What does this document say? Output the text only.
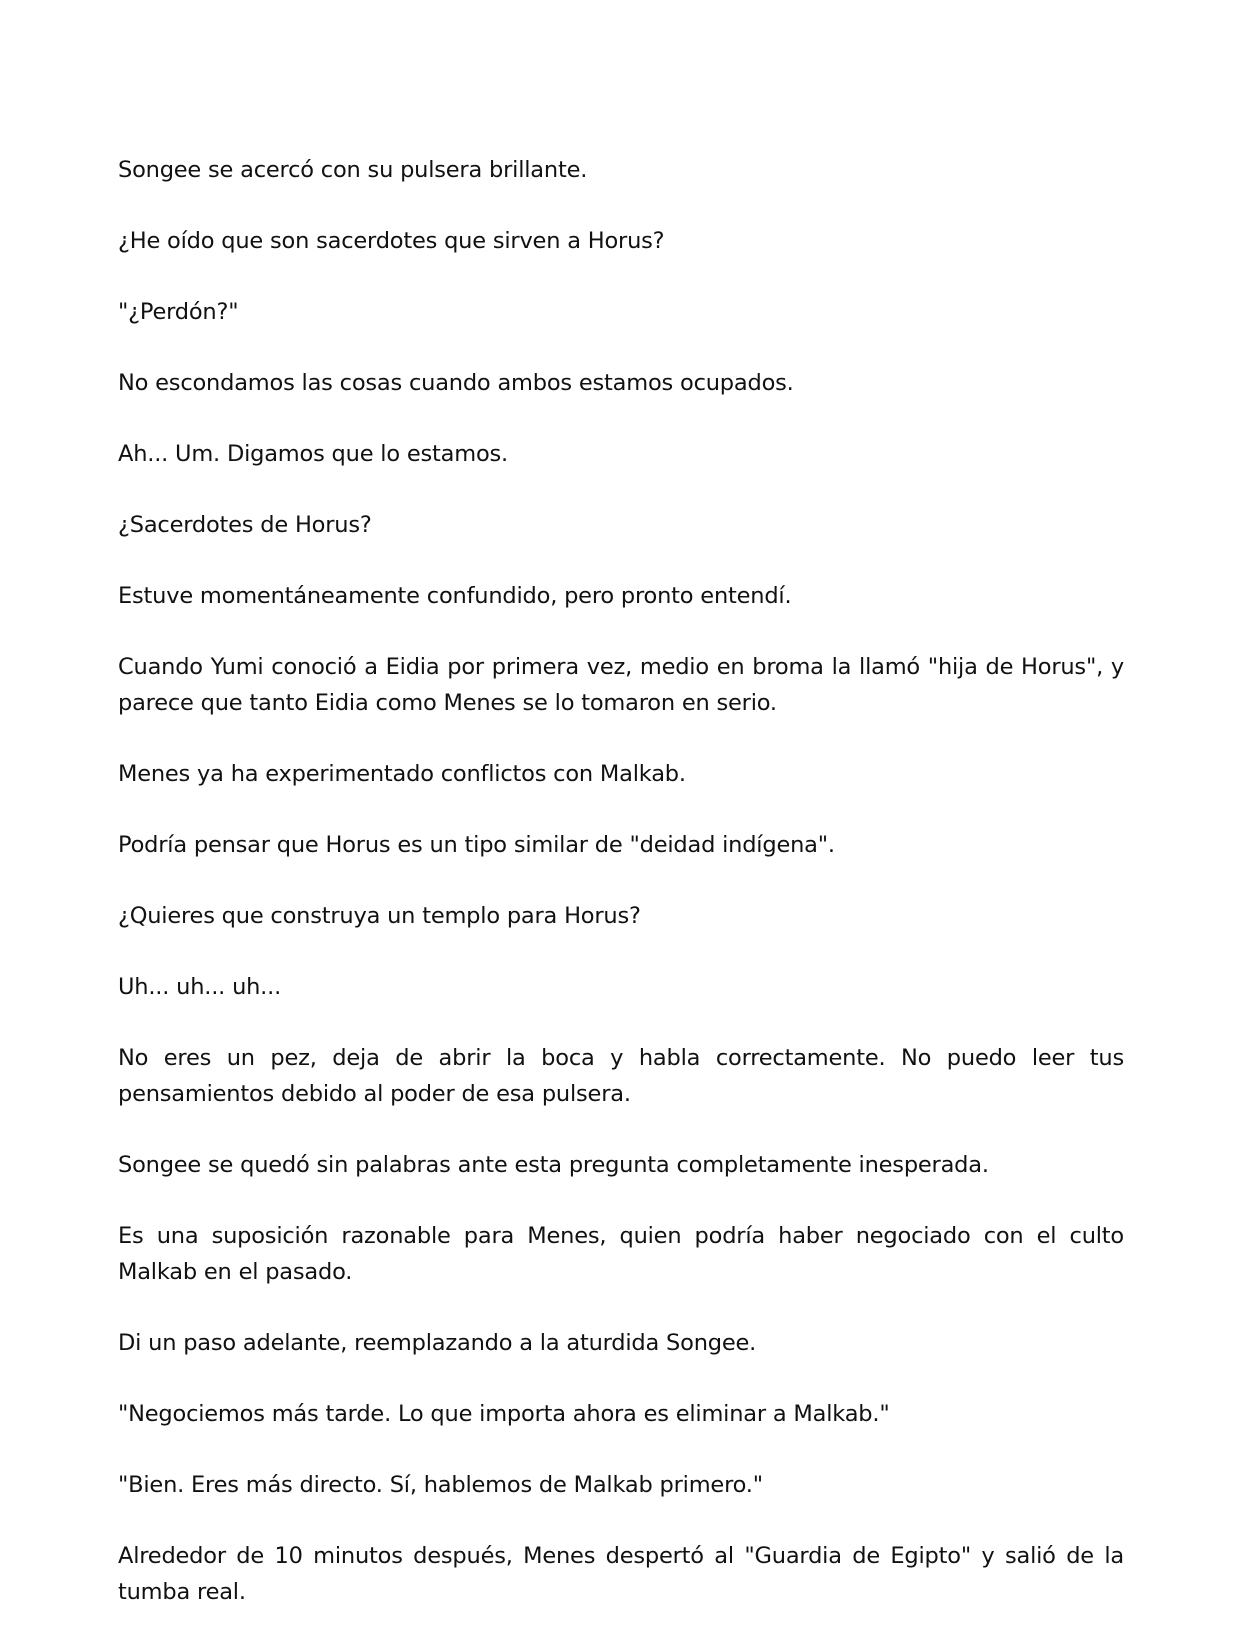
Songee se acercó con su pulsera brillante.

¿He oído que son sacerdotes que sirven a Horus?

"¿Perdón?"

No escondamos las cosas cuando ambos estamos ocupados.

Ah... Um. Digamos que lo estamos.

¿Sacerdotes de Horus?

Estuve momentáneamente confundido, pero pronto entendí.

Cuando Yumi conoció a Eidia por primera vez, medio en broma la llamó "hija de Horus", y parece que tanto Eidia como Menes se lo tomaron en serio.

Menes ya ha experimentado conflictos con Malkab.

Podría pensar que Horus es un tipo similar de "deidad indígena".

¿Quieres que construya un templo para Horus?

Uh... uh... uh...

No eres un pez, deja de abrir la boca y habla correctamente. No puedo leer tus pensamientos debido al poder de esa pulsera.

Songee se quedó sin palabras ante esta pregunta completamente inesperada.

Es una suposición razonable para Menes, quien podría haber negociado con el culto Malkab en el pasado.

Di un paso adelante, reemplazando a la aturdida Songee.

"Negociemos más tarde. Lo que importa ahora es eliminar a Malkab."

"Bien. Eres más directo. Sí, hablemos de Malkab primero."

Alrededor de 10 minutos después, Menes despertó al "Guardia de Egipto" y salió de la tumba real.
